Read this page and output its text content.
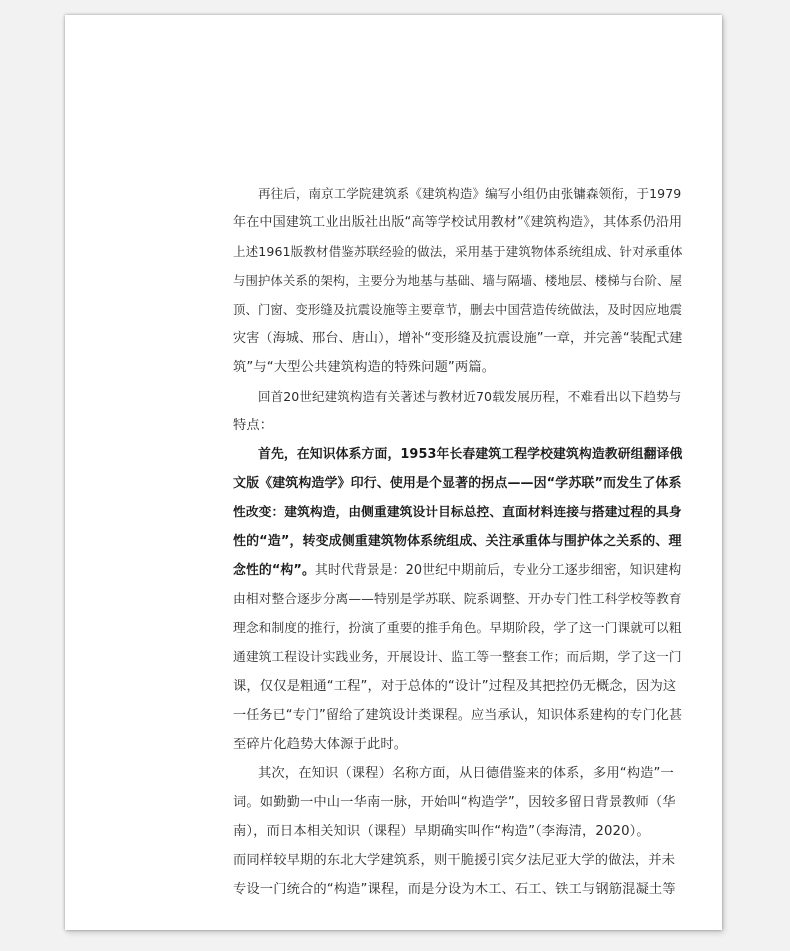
再往后，南京工学院建筑系《建筑构造》编写小组仍由张镛森领衔，于1979
年在中国建筑工业出版社出版“高等学校试用教材”《建筑构造》，其体系仍沿用
上述1961版教材借鉴苏联经验的做法，采用基于建筑物体系统组成、针对承重体
与围护体关系的架构，主要分为地基与基础、墙与隔墙、楼地层、楼梯与台阶、屋
顶、门窗、变形缝及抗震设施等主要章节，删去中国营造传统做法，及时因应地震
灾害（海城、邢台、唐山），增补“变形缝及抗震设施”一章，并完善“装配式建
筑”与“大型公共建筑构造的特殊问题”两篇。
回首20世纪建筑构造有关著述与教材近70载发展历程，不难看出以下趋势与
特点：
首先，在知识体系方面，1953年长春建筑工程学校建筑构造教研组翻译俄
文版《建筑构造学》印行、使用是个显著的拐点——因“学苏联”而发生了体系
性改变：建筑构造，由侧重建筑设计目标总控、直面材料连接与搭建过程的具身
性的“造”，转变成侧重建筑物体系统组成、关注承重体与围护体之关系的、理
念性的“构”。其时代背景是：20世纪中期前后，专业分工逐步细密，知识建构
由相对整合逐步分离——特别是学苏联、院系调整、开办专门性工科学校等教育
理念和制度的推行，扮演了重要的推手角色。早期阶段，学了这一门课就可以粗
通建筑工程设计实践业务，开展设计、监工等一整套工作；而后期，学了这一门
课，仅仅是粗通“工程”，对于总体的“设计”过程及其把控仍无概念，因为这
一任务已“专门”留给了建筑设计类课程。应当承认，知识体系建构的专门化甚
至碎片化趋势大体源于此时。
其次，在知识（课程）名称方面，从日德借鉴来的体系，多用“构造”一
词。如勤勤一中山一华南一脉，开始叫“构造学”，因较多留日背景教师（华
南），而日本相关知识（课程）早期确实叫作“构造”（李海清，2020）。
而同样较早期的东北大学建筑系，则干脆援引宾夕法尼亚大学的做法，并未
专设一门统合的“构造”课程，而是分设为木工、石工、铁工与钢筋混凝土等
